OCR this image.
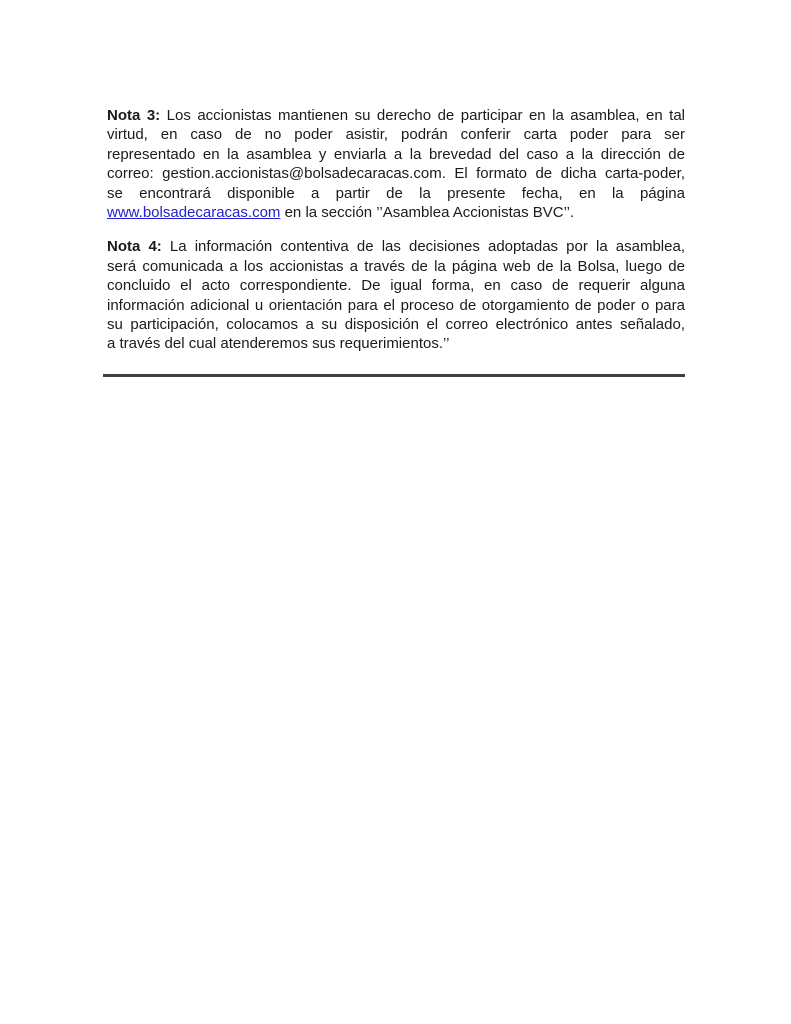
Nota 3: Los accionistas mantienen su derecho de participar en la asamblea, en tal

virtud, en caso de no poder asistir, podrán conferir carta poder para ser

representado en la asamblea y enviarla a la brevedad del caso a la dirección de

correo: gestion.accionistas@bolsadecaracas.com. El formato de dicha carta-poder,

se encontrará disponible a partir de la presente fecha, en la página

www.bolsadecaracas.com en la sección ’’Asamblea Accionistas BVC’’.

Nota 4: La información contentiva de las decisiones adoptadas por la asamblea,

será comunicada a los accionistas a través de la página web de la Bolsa, luego de

concluido el acto correspondiente. De igual forma, en caso de requerir alguna

información adicional u orientación para el proceso de otorgamiento de poder o para

su participación, colocamos a su disposición el correo electrónico antes señalado,

a través del cual atenderemos sus requerimientos.’’
